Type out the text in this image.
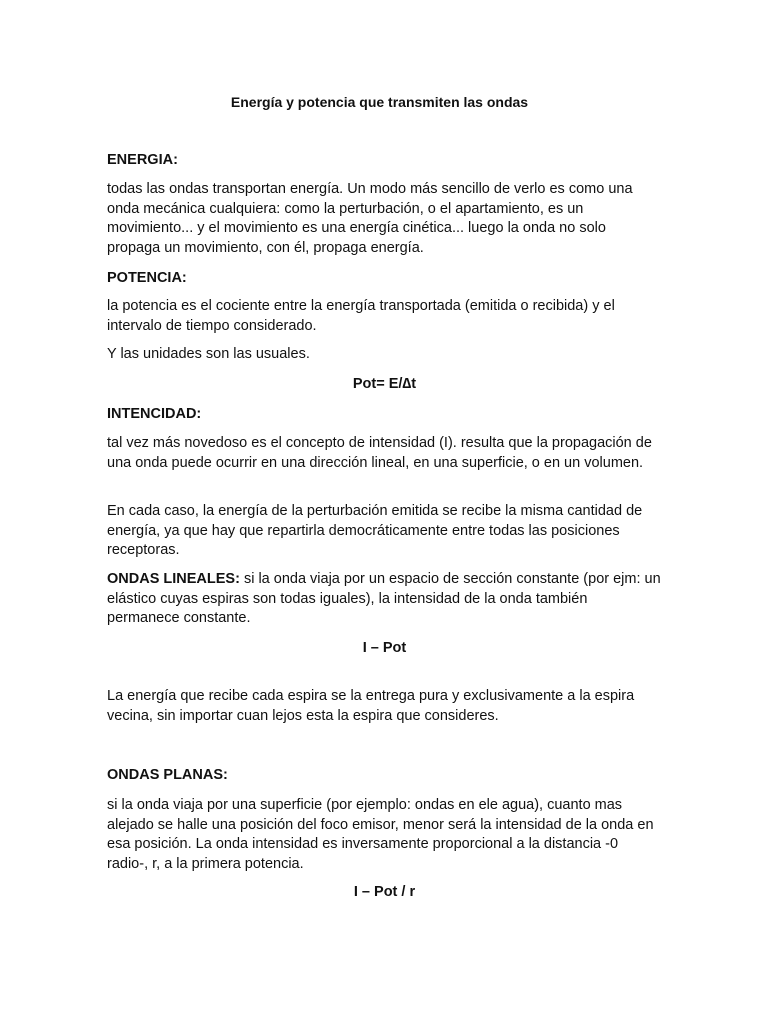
Energía y potencia que transmiten las ondas
ENERGIA:

todas las ondas transportan energía. Un modo más sencillo de verlo es como una onda mecánica cualquiera: como la perturbación, o el apartamiento, es un movimiento... y el movimiento es una energía cinética... luego la onda no solo propaga un movimiento, con él, propaga energía.

POTENCIA:

la potencia es el cociente entre la energía transportada (emitida o recibida) y el intervalo de tiempo considerado.

Y las unidades son las usuales.

Pot= E/∆t

INTENCIDAD:

tal vez más novedoso es el concepto de intensidad (I). resulta que la propagación de una onda puede ocurrir en una dirección lineal, en una superficie, o en un volumen.

En cada caso, la energía de la perturbación emitida se recibe la misma cantidad de energía, ya que hay que repartirla democráticamente entre todas las posiciones receptoras.

ONDAS LINEALES: si la onda viaja por un espacio de sección constante (por ejm: un elástico cuyas espiras son todas iguales), la intensidad de la onda también permanece constante.

I – Pot

La energía que recibe cada espira se la entrega pura y exclusivamente a la espira vecina, sin importar cuan lejos esta la espira que consideres.

ONDAS PLANAS:

si la onda viaja por una superficie (por ejemplo: ondas en ele agua), cuanto mas alejado se halle una posición del foco emisor, menor será la intensidad de la onda en esa posición. La onda intensidad es inversamente proporcional a la distancia -0 radio-, r, a la primera potencia.

I – Pot / r
